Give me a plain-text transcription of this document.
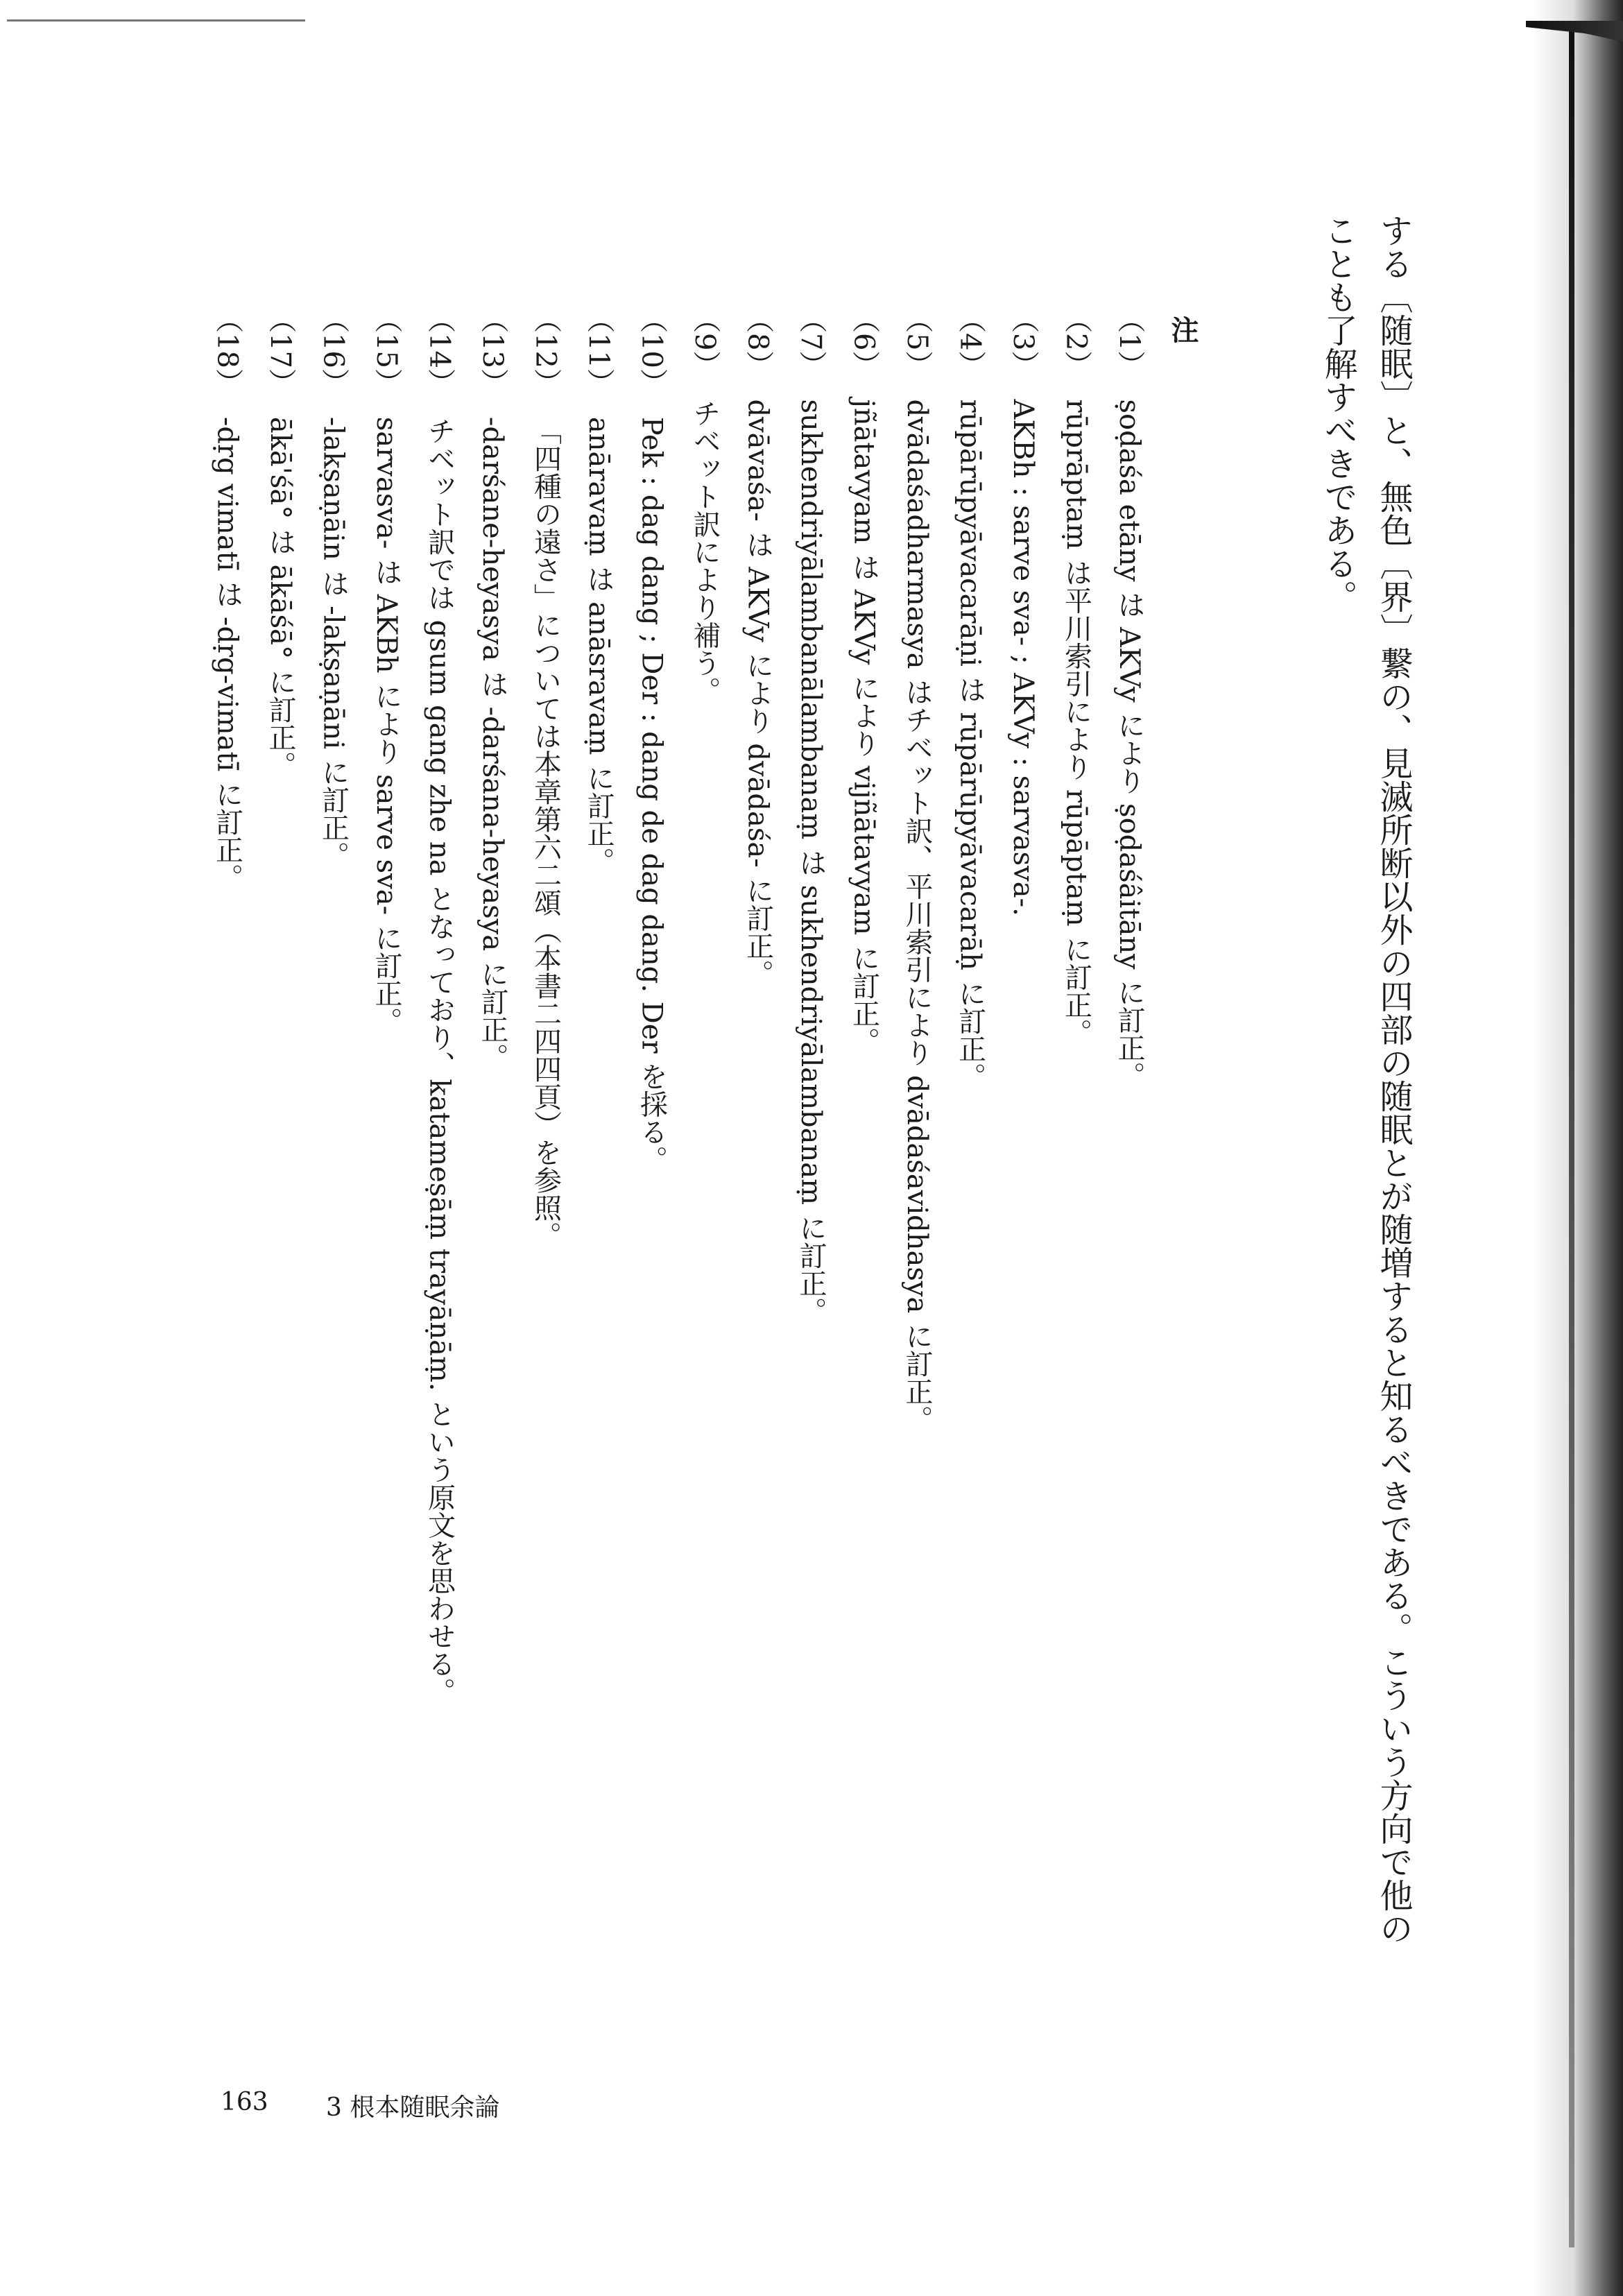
する〔随眠〕と、無色〔界〕繋の、見滅所断以外の四部の随眠とが随増すると知るべきである。こういう方向で他の
ことも了解すべきである。
注
（1）ṣoḍaśa etāny は AKVy により ṣoḍaśâitāny に訂正。
（2）rūprāptaṃ は平川索引により rūpāptaṃ に訂正。
（3）AKBh : sarve sva- ; AKVy : sarvasva-.
（4）rūpārūpyāvacarāṇi は rūpārūpyāvacarāḥ に訂正。
（5）dvādaśadharmasya はチベット訳、平川索引により dvādaśavidhasya に訂正。
（6）jñātavyam は AKVy により vijñātavyam に訂正。
（7）sukhendriyālambanālambanaṃ は sukhendriyālambanaṃ に訂正。
（8）dvāvaśa- は AKVy により dvādaśa- に訂正。
（9）チベット訳により補う。
（10）Pek : dag dang ; Der : dang de dag dang. Der を採る。
（11）anāravaṃ は anāsravaṃ に訂正。
（12）「四種の遠さ」については本章第六二頌（本書二四四頁）を参照。
（13）-darśane-heyasya は -darśana-heyasya に訂正。
（14）チベット訳では gsum gang zhe na となっており、katameṣāṃ trayāṇāṃ. という原文を思わせる。
（15）sarvasva- は AKBh により sarve sva- に訂正。
（16）-lakṣaṇāin は -lakṣaṇāni に訂正。
（17）ākā'śā° は ākāśā° に訂正。
（18）-dṛg vimatī は -dṛg-vimatī に訂正。
163 3 根本随眠余論
